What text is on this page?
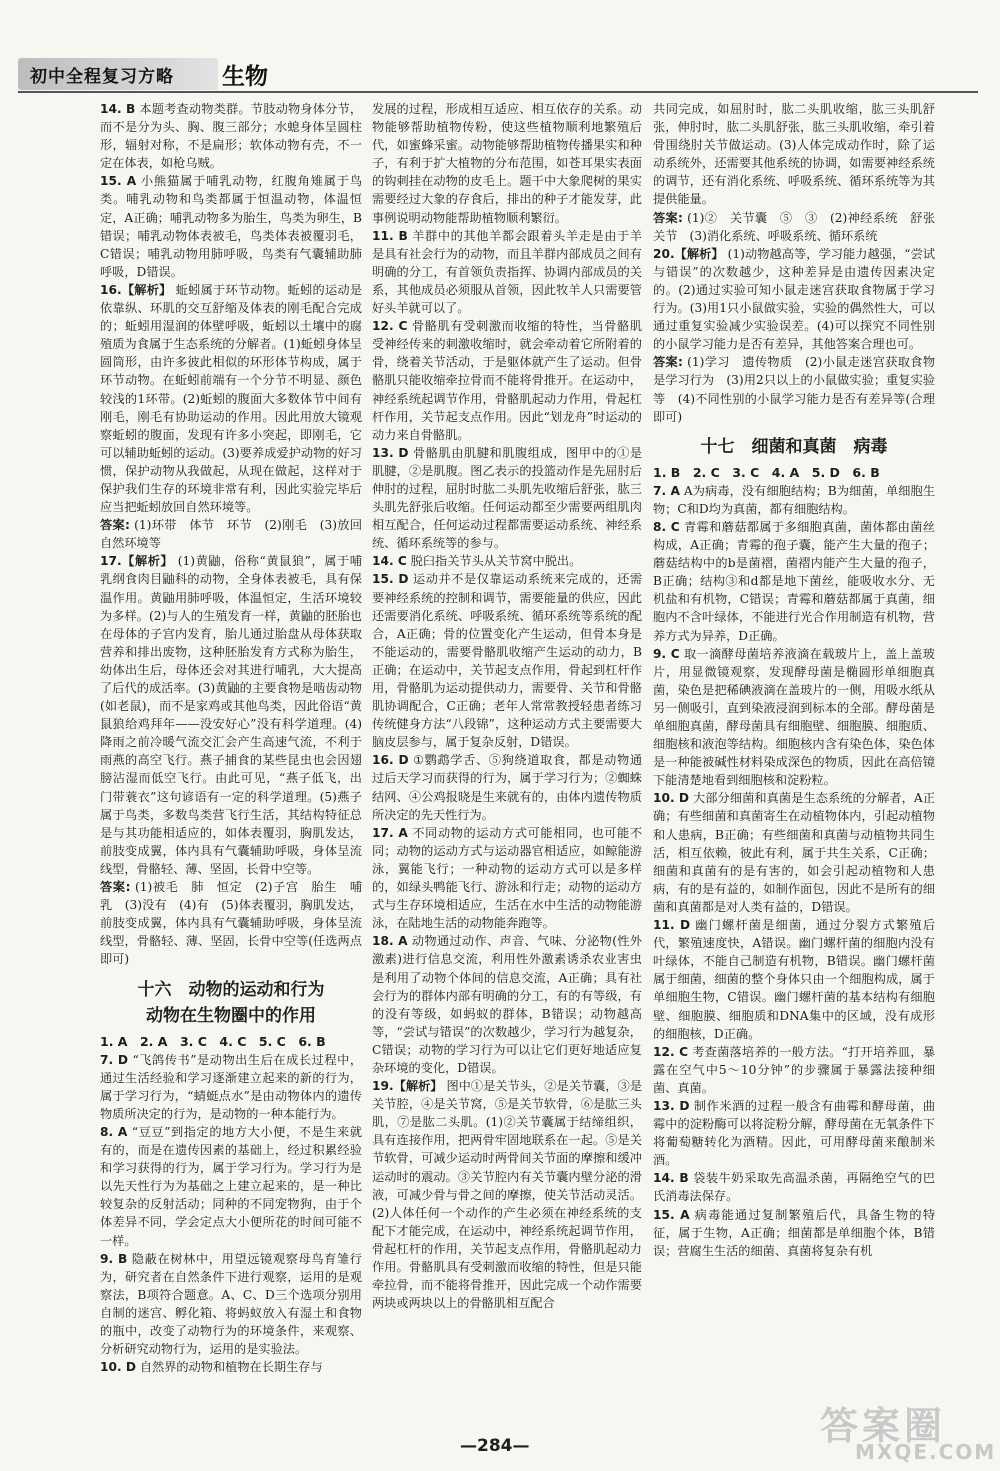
初中全程复习方略 生物

14. B 本题考查动物类群。节肢动物身体分节，而不是分为头、胸、腹三部分；水螅身体呈圆柱形，辐射对称，不是扁形；软体动物有壳，不一定在体表，如枪乌贼。

15. A 小熊猫属于哺乳动物，红腹角雉属于鸟类。哺乳动物和鸟类都属于恒温动物，体温恒定，A正确；哺乳动物多为胎生，鸟类为卵生，B错误；哺乳动物体表被毛，鸟类体表被覆羽毛，C错误；哺乳动物用肺呼吸，鸟类有气囊辅助肺呼吸，D错误。

16.【解析】 蚯蚓属于环节动物。蚯蚓的运动是依靠纵、环肌的交互舒缩及体表的刚毛配合完成的；蚯蚓用湿润的体壁呼吸，蚯蚓以土壤中的腐殖质为食属于生态系统的分解者。(1)蚯蚓身体呈圆筒形，由许多彼此相似的环形体节构成，属于环节动物。在蚯蚓前端有一个分节不明显、颜色较浅的1环带。(2)蚯蚓的腹面大多数体节中间有刚毛，刚毛有协助运动的作用。因此用放大镜观察蚯蚓的腹面，发现有许多小突起，即刚毛，它可以辅助蚯蚓的运动。(3)要养成爱护动物的好习惯，保护动物从我做起，从现在做起，这样对于保护我们生存的环境非常有利，因此实验完毕后应当把蚯蚓放回自然环境等。

答案: (1)环带　体节　环节　(2)刚毛　(3)放回自然环境等

17.【解析】 (1)黄鼬，俗称“黄鼠狼”，属于哺乳纲食肉目鼬科的动物，全身体表被毛，具有保温作用。黄鼬用肺呼吸，体温恒定，生活环境较为多样。(2)与人的生殖发育一样，黄鼬的胚胎也在母体的子宫内发育，胎儿通过胎盘从母体获取营养和排出废物，这种胚胎发育方式称为胎生，幼体出生后，母体还会对其进行哺乳，大大提高了后代的成活率。(3)黄鼬的主要食物是啮齿动物(如老鼠)，而不是家鸡或其他鸟类，因此俗语“黄鼠狼给鸡拜年——没安好心”没有科学道理。(4)降雨之前冷暖气流交汇会产生高速气流，不利于雨燕的高空飞行。燕子捕食的某些昆虫也会因翅膀沾湿而低空飞行。由此可见，“燕子低飞，出门带蓑衣”这句谚语有一定的科学道理。(5)燕子属于鸟类，多数鸟类营飞行生活，其结构特征总是与其功能相适应的，如体表覆羽，胸肌发达，前肢变成翼，体内具有气囊辅助呼吸，身体呈流线型，骨骼轻、薄、坚固，长骨中空等。

答案: (1)被毛　肺　恒定　(2)子宫　胎生　哺乳　(3)没有　(4)有　(5)体表覆羽，胸肌发达，前肢变成翼，体内具有气囊辅助呼吸，身体呈流线型，骨骼轻、薄、坚固，长骨中空等(任选两点即可)

十六　动物的运动和行为
动物在生物圈中的作用

1. A　2. A　3. C　4. C　5. C　6. B

7. D “飞鸽传书”是动物出生后在成长过程中，通过生活经验和学习逐渐建立起来的新的行为，属于学习行为，“蜻蜓点水”是由动物体内的遗传物质所决定的行为，是动物的一种本能行为。

8. A “豆豆”到指定的地方大小便，不是生来就有的，而是在遗传因素的基础上，经过积累经验和学习获得的行为，属于学习行为。学习行为是以先天性行为为基础之上建立起来的，是一种比较复杂的反射活动；同种的不同宠物狗，由于个体差异不同，学会定点大小便所花的时间可能不一样。

9. B 隐蔽在树林中，用望远镜观察母鸟育雏行为，研究者在自然条件下进行观察，运用的是观察法，B项符合题意。A、C、D三个选项分别用自制的迷宫、孵化箱、将蚂蚁放入有湿土和食物的瓶中，改变了动物行为的环境条件，来观察、分析研究动物行为，运用的是实验法。

10. D 自然界的动物和植物在长期生存与

发展的过程，形成相互适应、相互依存的关系。动物能够帮助植物传粉，使这些植物顺利地繁殖后代，如蜜蜂采蜜。动物能够帮助植物传播果实和种子，有利于扩大植物的分布范围，如苍耳果实表面的钩刺挂在动物的皮毛上。题干中大象爬树的果实需要经过大象的存食后，排出的种子才能发芽，此事例说明动物能帮助植物顺利繁衍。

11. B 羊群中的其他羊都会跟着头羊走是由于羊是具有社会行为的动物，而且羊群内部成员之间有明确的分工，有首领负责指挥、协调内部成员的关系，其他成员必须服从首领，因此牧羊人只需要管好头羊就可以了。

12. C 骨骼肌有受刺激而收缩的特性，当骨骼肌受神经传来的刺激收缩时，就会牵动着它所附着的骨，绕着关节活动，于是躯体就产生了运动。但骨骼肌只能收缩牵拉骨而不能将骨推开。在运动中，神经系统起调节作用，骨骼肌起动力作用，骨起杠杆作用，关节起支点作用。因此“划龙舟”时运动的动力来自骨骼肌。

13. D 骨骼肌由肌腱和肌腹组成，图甲中的①是肌腱，②是肌腹。图乙表示的投篮动作是先屈肘后伸肘的过程，屈肘时肱二头肌先收缩后舒张，肱三头肌先舒张后收缩。任何运动都至少需要两组肌肉相互配合，任何运动过程都需要运动系统、神经系统、循环系统等的参与。

14. C 脱臼指关节头从关节窝中脱出。

15. D 运动并不是仅靠运动系统来完成的，还需要神经系统的控制和调节，需要能量的供应，因此还需要消化系统、呼吸系统、循环系统等系统的配合，A正确；骨的位置变化产生运动，但骨本身是不能运动的，需要骨骼肌收缩产生运动的动力，B正确；在运动中，关节起支点作用，骨起到杠杆作用，骨骼肌为运动提供动力，需要骨、关节和骨骼肌协调配合，C正确；老年人常常教授轻患者练习传统健身方法“八段锦”，这种运动方式主要需要大脑皮层参与，属于复杂反射，D错误。

16. D ①鹦鹉学舌、⑤狗绕道取食，都是动物通过后天学习而获得的行为，属于学习行为；②蜘蛛结网、④公鸡报晓是生来就有的，由体内遗传物质所决定的先天性行为。

17. A 不同动物的运动方式可能相同，也可能不同；动物的运动方式与运动器官相适应，如鲸能游泳，翼能飞行；一种动物的运动方式可以是多样的，如绿头鸭能飞行、游泳和行走；动物的运动方式与生存环境相适应，生活在水中生活的动物能游泳，在陆地生活的动物能奔跑等。

18. A 动物通过动作、声音、气味、分泌物(性外激素)进行信息交流，利用性外激素诱杀农业害虫是利用了动物个体间的信息交流，A正确；具有社会行为的群体内部有明确的分工，有的有等级，有的没有等级，如蚂蚁的群体，B错误；动物越高等，“尝试与错误”的次数越少，学习行为越复杂，C错误；动物的学习行为可以让它们更好地适应复杂环境的变化，D错误。

19.【解析】 图中①是关节头，②是关节囊，③是关节腔，④是关节窝，⑤是关节软骨，⑥是肱三头肌，⑦是肱二头肌。(1)②关节囊属于结缔组织，具有连接作用，把两骨牢固地联系在一起。⑤是关节软骨，可减少运动时两骨间关节面的摩擦和缓冲运动时的震动。③关节腔内有关节囊内壁分泌的滑液，可减少骨与骨之间的摩擦，使关节活动灵活。(2)人体任何一个动作的产生必须在神经系统的支配下才能完成，在运动中，神经系统起调节作用，骨起杠杆的作用，关节起支点作用，骨骼肌起动力作用。骨骼肌具有受刺激而收缩的特性，但是只能牵拉骨，而不能将骨推开，因此完成一个动作需要两块或两块以上的骨骼肌相互配合

共同完成，如屈肘时，肱二头肌收缩，肱三头肌舒张，伸肘时，肱二头肌舒张，肱三头肌收缩，牵引着骨围绕肘关节做运动。(3)人体完成动作时，除了运动系统外，还需要其他系统的协调，如需要神经系统的调节，还有消化系统、呼吸系统、循环系统等为其提供能量。

答案: (1)②　关节囊　⑤　③　(2)神经系统　舒张　关节　(3)消化系统、呼吸系统、循环系统

20.【解析】 (1)动物越高等，学习能力越强，“尝试与错误”的次数越少，这种差异是由遗传因素决定的。(2)通过实验可知小鼠走迷宫获取食物属于学习行为。(3)用1只小鼠做实验，实验的偶然性大，可以通过重复实验减少实验误差。(4)可以探究不同性别的小鼠学习能力是否有差异，其他答案合理也可。

答案: (1)学习　遗传物质　(2)小鼠走迷宫获取食物是学习行为　(3)用2只以上的小鼠做实验；重复实验等　(4)不同性别的小鼠学习能力是否有差异等(合理即可)

十七　细菌和真菌　病毒

1. B　2. C　3. C　4. A　5. D　6. B

7. A A为病毒，没有细胞结构；B为细菌，单细胞生物；C和D均为真菌，都有细胞结构。

8. C 青霉和蘑菇都属于多细胞真菌，菌体都由菌丝构成，A正确；青霉的孢子囊，能产生大量的孢子；蘑菇结构中的b是菌褶，菌褶内能产生大量的孢子，B正确；结构③和d都是地下菌丝，能吸收水分、无机盐和有机物，C错误；青霉和蘑菇都属于真菌，细胞内不含叶绿体，不能进行光合作用制造有机物，营养方式为异养，D正确。

9. C 取一滴酵母菌培养液滴在载玻片上，盖上盖玻片，用显微镜观察，发现酵母菌是椭圆形单细胞真菌，染色是把稀碘液滴在盖玻片的一侧，用吸水纸从另一侧吸引，直到染液浸润到标本的全部。酵母菌是单细胞真菌，酵母菌具有细胞壁、细胞膜、细胞质、细胞核和液泡等结构。细胞核内含有染色体，染色体是一种能被碱性材料染成深色的物质，因此在高倍镜下能清楚地看到细胞核和淀粉粒。

10. D 大部分细菌和真菌是生态系统的分解者，A正确；有些细菌和真菌寄生在动植物体内，引起动植物和人患病，B正确；有些细菌和真菌与动植物共同生活，相互依赖，彼此有利，属于共生关系，C正确；细菌和真菌有的是有害的，如会引起动植物和人患病，有的是有益的，如制作面包，因此不是所有的细菌和真菌都是对人类有益的，D错误。

11. D 幽门螺杆菌是细菌，通过分裂方式繁殖后代，繁殖速度快，A错误。幽门螺杆菌的细胞内没有叶绿体，不能自己制造有机物，B错误。幽门螺杆菌属于细菌，细菌的整个身体只由一个细胞构成，属于单细胞生物，C错误。幽门螺杆菌的基本结构有细胞壁、细胞膜、细胞质和DNA集中的区域，没有成形的细胞核，D正确。

12. C 考查菌落培养的一般方法。“打开培养皿，暴露在空气中5～10分钟”的步骤属于暴露法接种细菌、真菌。

13. D 制作米酒的过程一般含有曲霉和酵母菌，曲霉中的淀粉酶可以将淀粉分解，酵母菌在无氧条件下将葡萄糖转化为酒精。因此，可用酵母菌来酿制米酒。

14. B 袋装牛奶采取先高温杀菌，再隔绝空气的巴氏消毒法保存。

15. A 病毒能通过复制繁殖后代，具备生物的特征，属于生物，A正确；细菌都是单细胞个体，B错误；营腐生生活的细菌、真菌将复杂有机

—284—	答案圈
MXQE.COM
